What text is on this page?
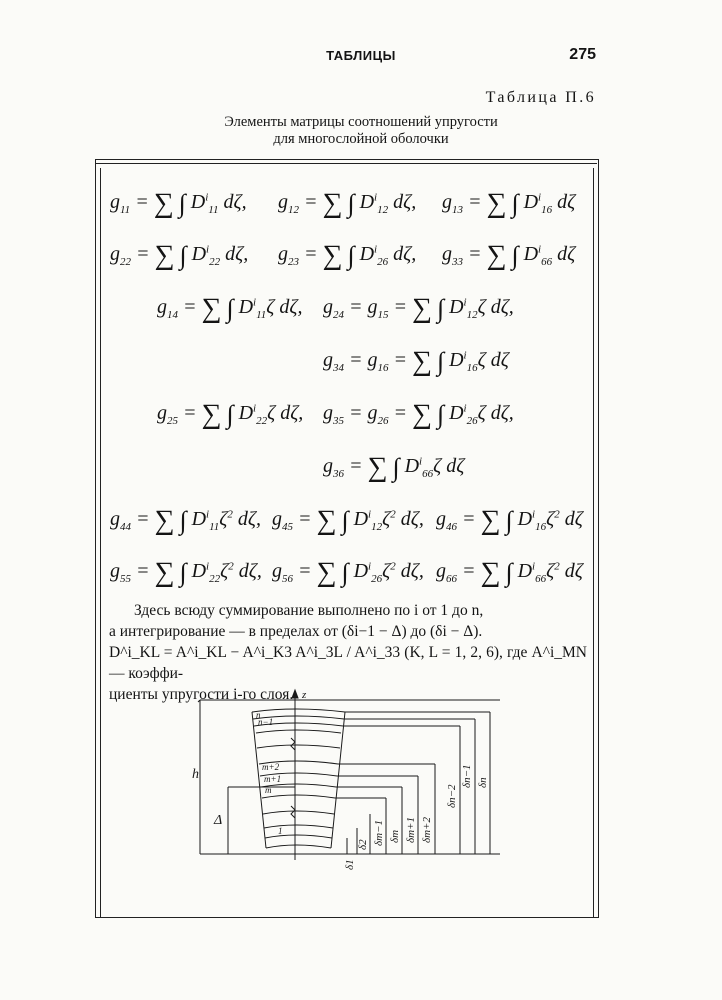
ТАБЛИЦЫ	275
Таблица П.6
Элементы матрицы соотношений упругости
для многослойной оболочки
$g_{11}$ = ∑ ∫ $D^i_{11}$ dζ, $g_{12}$ = ∑ ∫ $D^i_{12}$ dζ, $g_{13}$ = ∑ ∫ $D^i_{16}$ dζ
$g_{22}$ = ∑ ∫ $D^i_{22}$ dζ, $g_{23}$ = ∑ ∫ $D^i_{26}$ dζ, $g_{33}$ = ∑ ∫ $D^i_{66}$ dζ
$g_{14}$ = ∑ ∫ $D^i_{11}\zeta$ dζ, $g_{24} = g_{15}$ = ∑ ∫ $D^i_{12}\zeta$ dζ,
$g_{34} = g_{16}$ = ∑ ∫ $D^i_{16}\zeta$ dζ
$g_{25}$ = ∑ ∫ $D^i_{22}\zeta$ dζ, $g_{35} = g_{26}$ = ∑ ∫ $D^i_{26}\zeta$ dζ,
$g_{36}$ = ∑ ∫ $D^i_{66}\zeta$ dζ
$g_{44}$ = ∑ ∫ $D^i_{11}\zeta^2$ dζ, $g_{45}$ = ∑ ∫ $D^i_{12}\zeta^2$ dζ, $g_{46}$ = ∑ ∫ $D^i_{16}\zeta^2$ dζ
$g_{55}$ = ∑ ∫ $D^i_{22}\zeta^2$ dζ, $g_{56}$ = ∑ ∫ $D^i_{26}\zeta^2$ dζ, $g_{66}$ = ∑ ∫ $D^i_{66}\zeta^2$ dζ

Здесь всюду суммирование выполнено по i от 1 до n,

а интегрирование — в пределах от (δi−1 − Δ) до (δi − Δ).

D^i_KL = A^i_KL − A^i_K3 A^i_3L / A^i_33 (K, L = 1, 2, 6), где A^i_MN — коэффи-

циенты упругости i-го слоя. z
h
Δ
n
n−1
m+2
m+1
m
1
δn−2
δn−1 δn
δm+2
δm+1
δm
δm−1
δ2
δ1
